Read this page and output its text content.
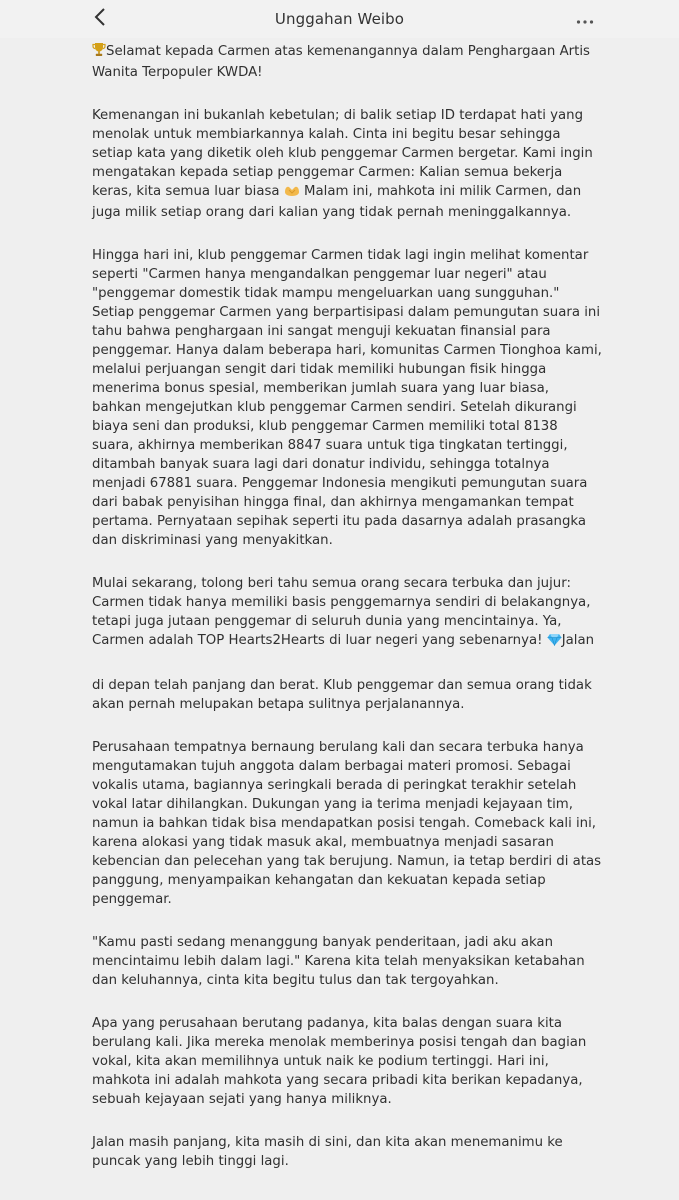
Unggahan Weibo

Selamat kepada Carmen atas kemenangannya dalam Penghargaan Artis Wanita Terpopuler KWDA!

Kemenangan ini bukanlah kebetulan; di balik setiap ID terdapat hati yang menolak untuk membiarkannya kalah. Cinta ini begitu besar sehingga setiap kata yang diketik oleh klub penggemar Carmen bergetar. Kami ingin mengatakan kepada setiap penggemar Carmen: Kalian semua bekerja keras, kita semua luar biasa  Malam ini, mahkota ini milik Carmen, dan juga milik setiap orang dari kalian yang tidak pernah meninggalkannya.

Hingga hari ini, klub penggemar Carmen tidak lagi ingin melihat komentar seperti "Carmen hanya mengandalkan penggemar luar negeri" atau "penggemar domestik tidak mampu mengeluarkan uang sungguhan." Setiap penggemar Carmen yang berpartisipasi dalam pemungutan suara ini tahu bahwa penghargaan ini sangat menguji kekuatan finansial para penggemar. Hanya dalam beberapa hari, komunitas Carmen Tionghoa kami, melalui perjuangan sengit dari tidak memiliki hubungan fisik hingga menerima bonus spesial, memberikan jumlah suara yang luar biasa, bahkan mengejutkan klub penggemar Carmen sendiri. Setelah dikurangi biaya seni dan produksi, klub penggemar Carmen memiliki total 8138 suara, akhirnya memberikan 8847 suara untuk tiga tingkatan tertinggi, ditambah banyak suara lagi dari donatur individu, sehingga totalnya menjadi 67881 suara. Penggemar Indonesia mengikuti pemungutan suara dari babak penyisihan hingga final, dan akhirnya mengamankan tempat pertama. Pernyataan sepihak seperti itu pada dasarnya adalah prasangka dan diskriminasi yang menyakitkan.

Mulai sekarang, tolong beri tahu semua orang secara terbuka dan jujur: Carmen tidak hanya memiliki basis penggemarnya sendiri di belakangnya, tetapi juga jutaan penggemar di seluruh dunia yang mencintainya. Ya, Carmen adalah TOP Hearts2Hearts di luar negeri yang sebenarnya! Jalan

di depan telah panjang dan berat. Klub penggemar dan semua orang tidak akan pernah melupakan betapa sulitnya perjalanannya.

Perusahaan tempatnya bernaung berulang kali dan secara terbuka hanya mengutamakan tujuh anggota dalam berbagai materi promosi. Sebagai vokalis utama, bagiannya seringkali berada di peringkat terakhir setelah vokal latar dihilangkan. Dukungan yang ia terima menjadi kejayaan tim, namun ia bahkan tidak bisa mendapatkan posisi tengah. Comeback kali ini, karena alokasi yang tidak masuk akal, membuatnya menjadi sasaran kebencian dan pelecehan yang tak berujung. Namun, ia tetap berdiri di atas panggung, menyampaikan kehangatan dan kekuatan kepada setiap penggemar.

"Kamu pasti sedang menanggung banyak penderitaan, jadi aku akan mencintaimu lebih dalam lagi." Karena kita telah menyaksikan ketabahan dan keluhannya, cinta kita begitu tulus dan tak tergoyahkan.

Apa yang perusahaan berutang padanya, kita balas dengan suara kita berulang kali. Jika mereka menolak memberinya posisi tengah dan bagian vokal, kita akan memilihnya untuk naik ke podium tertinggi. Hari ini, mahkota ini adalah mahkota yang secara pribadi kita berikan kepadanya, sebuah kejayaan sejati yang hanya miliknya.

Jalan masih panjang, kita masih di sini, dan kita akan menemanimu ke puncak yang lebih tinggi lagi.
